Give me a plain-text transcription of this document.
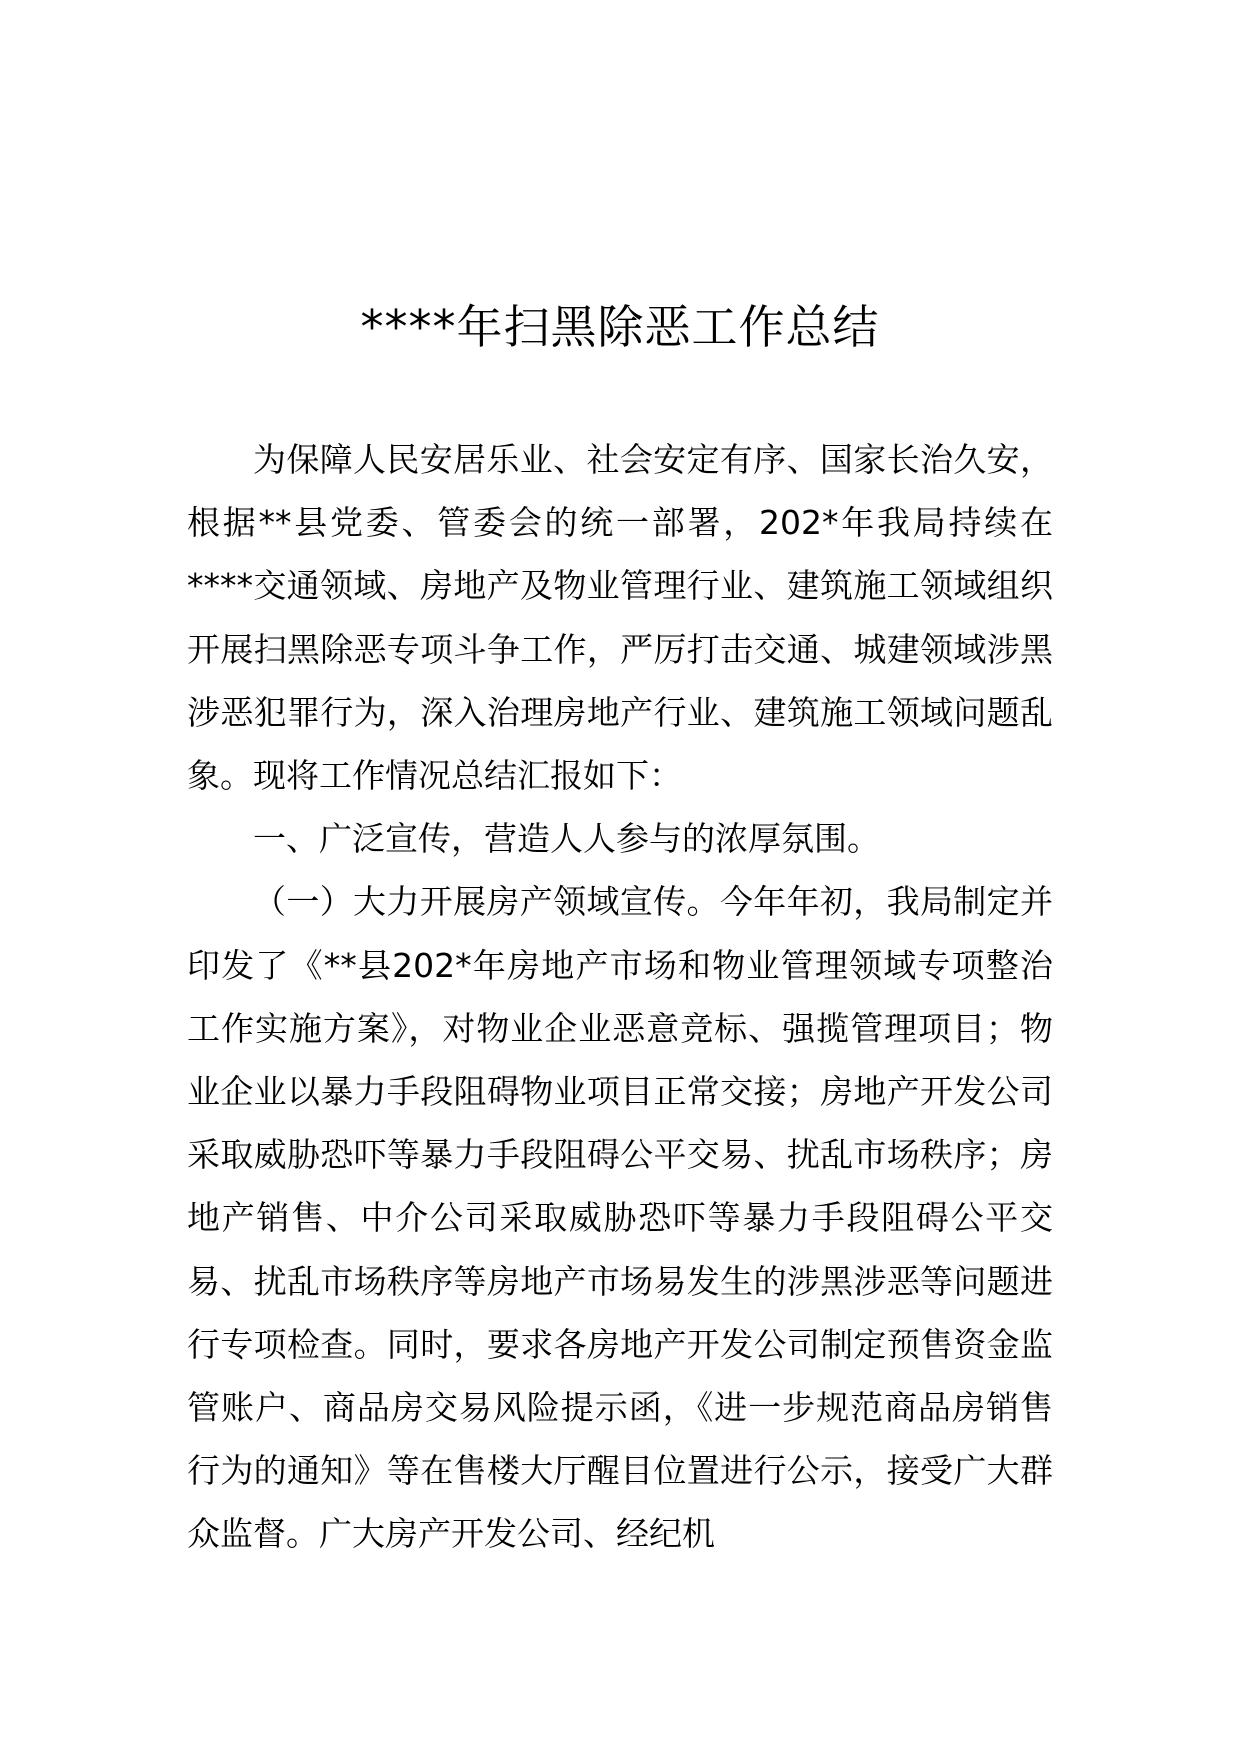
****年扫黑除恶工作总结

为保障人民安居乐业、社会安定有序、国家长治久安，根据**县党委、管委会的统一部署，202*年我局持续在****交通领域、房地产及物业管理行业、建筑施工领域组织开展扫黑除恶专项斗争工作，严厉打击交通、城建领域涉黑涉恶犯罪行为，深入治理房地产行业、建筑施工领域问题乱象。现将工作情况总结汇报如下：

一、广泛宣传，营造人人参与的浓厚氛围。

（一）大力开展房产领域宣传。今年年初，我局制定并印发了《**县202*年房地产市场和物业管理领域专项整治工作实施方案》，对物业企业恶意竞标、强揽管理项目；物业企业以暴力手段阻碍物业项目正常交接；房地产开发公司采取威胁恐吓等暴力手段阻碍公平交易、扰乱市场秩序；房地产销售、中介公司采取威胁恐吓等暴力手段阻碍公平交易、扰乱市场秩序等房地产市场易发生的涉黑涉恶等问题进行专项检查。同时，要求各房地产开发公司制定预售资金监管账户、商品房交易风险提示函，《进一步规范商品房销售行为的通知》等在售楼大厅醒目位置进行公示，接受广大群众监督。广大房产开发公司、经纪机
